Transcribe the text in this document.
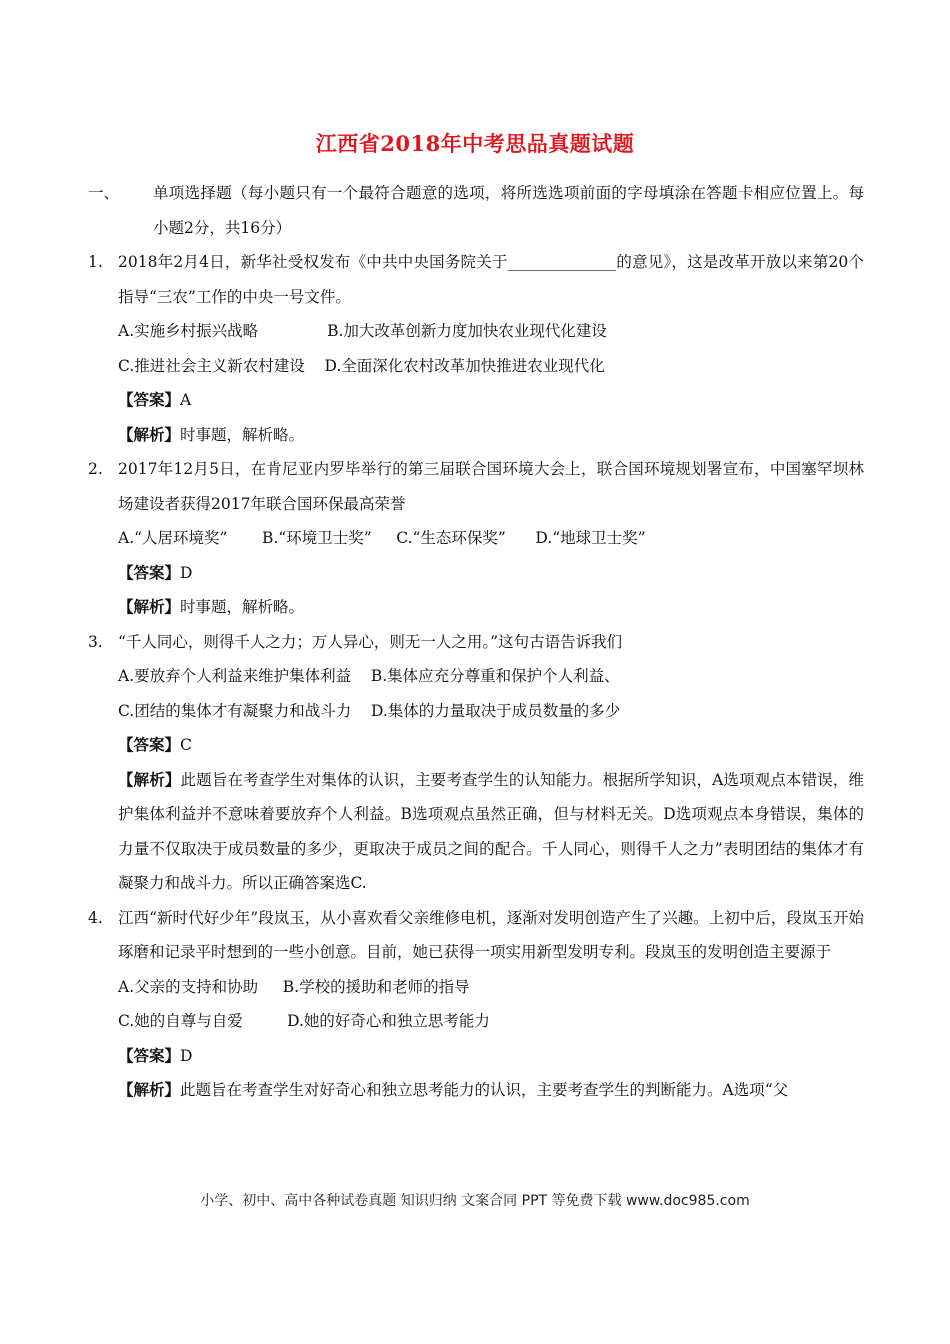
江西省2018年中考思品真题试题
一、 单项选择题（每小题只有一个最符合题意的选项，将所选选项前面的字母填涂在答题卡相应位置上。每小题2分，共16分）
1. 2018年2月4日，新华社受权发布《中共中央国务院关于______________的意见》，这是改革开放以来第20个指导“三农”工作的中央一号文件。
A.实施乡村振兴战略              B.加大改革创新力度加快农业现代化建设
C.推进社会主义新农村建设    D.全面深化农村改革加快推进农业现代化
【答案】A
【解析】时事题，解析略。
2. 2017年12月5日，在肯尼亚内罗毕举行的第三届联合国环境大会上，联合国环境规划署宣布，中国塞罕坝林场建设者获得2017年联合国环保最高荣誉
A.“人居环境奖”       B.“环境卫士奖”     C.“生态环保奖”      D.“地球卫士奖”
【答案】D
【解析】时事题，解析略。
3. “千人同心，则得千人之力；万人异心，则无一人之用。”这句古语告诉我们
A.要放弃个人利益来维护集体利益    B.集体应充分尊重和保护个人利益、
C.团结的集体才有凝聚力和战斗力    D.集体的力量取决于成员数量的多少
【答案】C
【解析】此题旨在考查学生对集体的认识，主要考查学生的认知能力。根据所学知识，A选项观点本错误，维护集体利益并不意味着要放弃个人利益。B选项观点虽然正确，但与材料无关。D选项观点本身错误，集体的力量不仅取决于成员数量的多少，更取决于成员之间的配合。千人同心，则得千人之力”表明团结的集体才有凝聚力和战斗力。所以正确答案选C.
4. 江西“新时代好少年”段岚玉，从小喜欢看父亲维修电机，逐渐对发明创造产生了兴趣。上初中后，段岚玉开始琢磨和记录平时想到的一些小创意。目前，她已获得一项实用新型发明专利。段岚玉的发明创造主要源于
A.父亲的支持和协助     B.学校的援助和老师的指导
C.她的自尊与自爱         D.她的好奇心和独立思考能力
【答案】D
【解析】此题旨在考查学生对好奇心和独立思考能力的认识，主要考查学生的判断能力。A选项“父
小学、初中、高中各种试卷真题 知识归纳 文案合同 PPT 等免费下载 www.doc985.com
